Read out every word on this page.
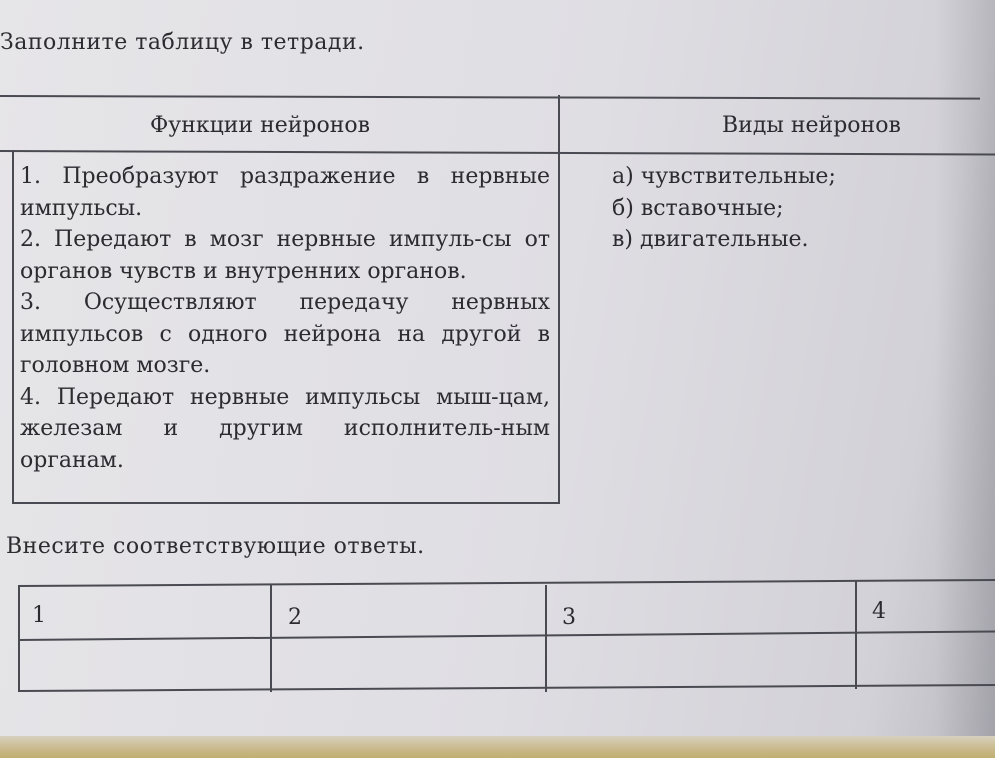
Заполните таблицу в тетради.
Функции нейронов	Виды нейронов
1. Преобразуют раздражение в нервные импульсы.
2. Передают в мозг нервные импуль-сы от органов чувств и внутренних органов.
3. Осуществляют передачу нервных импульсов с одного нейрона на другой в головном мозге.
4. Передают нервные импульсы мыш-цам, железам и другим исполнитель-ным органам.
а) чувствительные;
б) вставочные;
в) двигательные.
Внесите соответствующие ответы.
1	2	3	4
